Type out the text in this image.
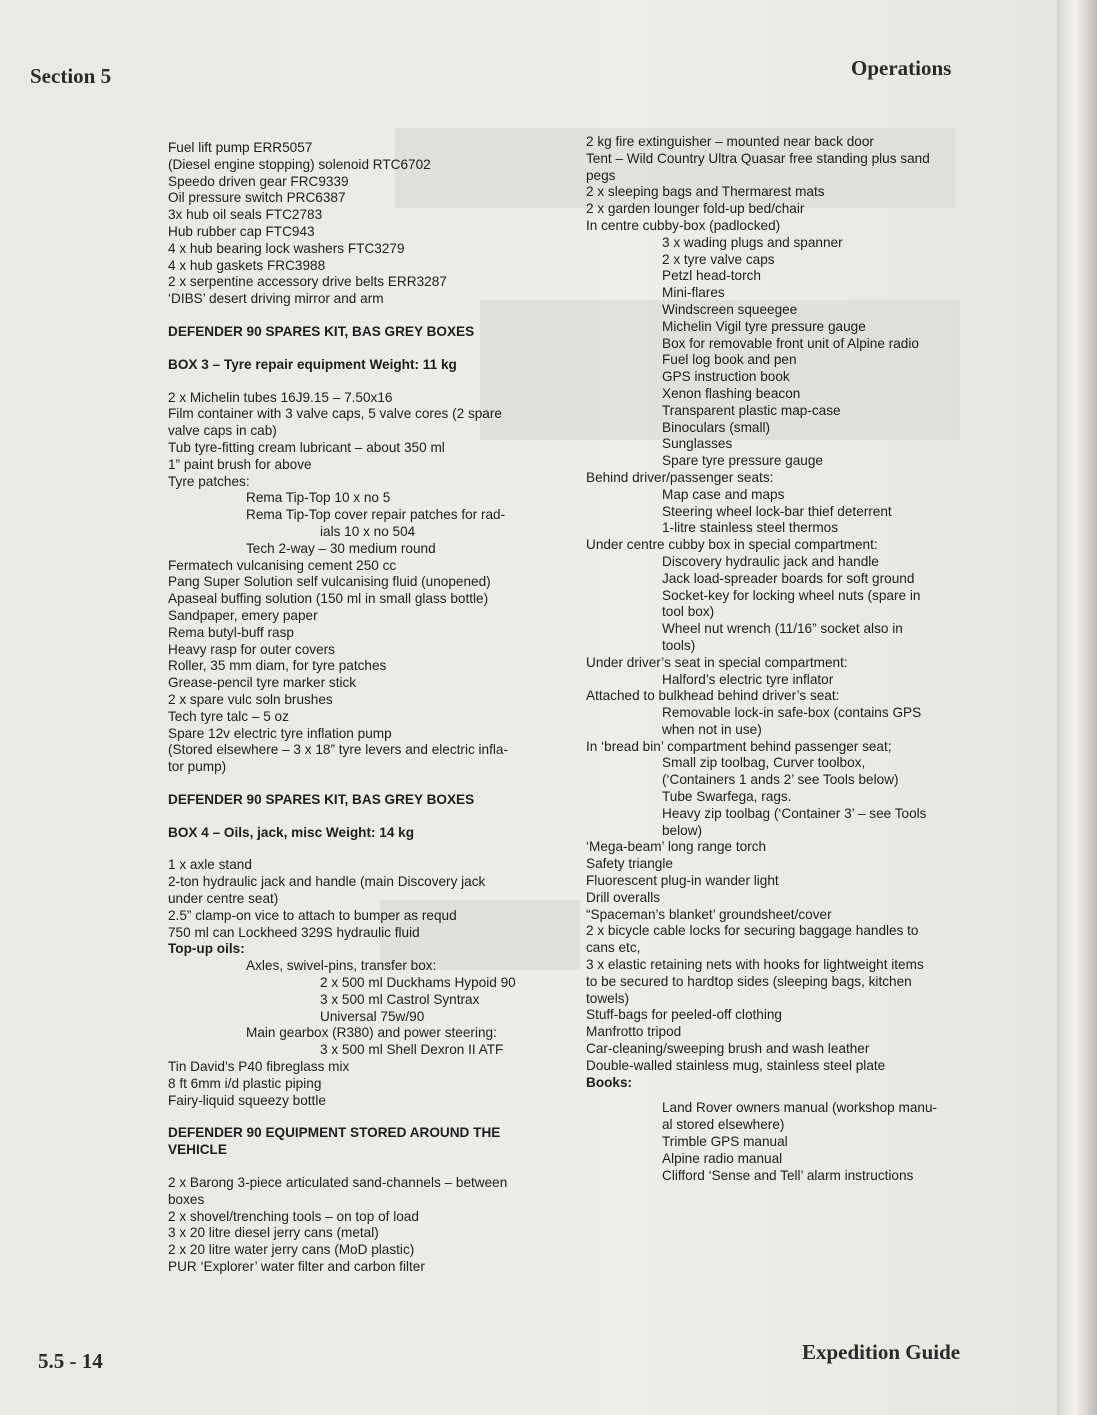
Section 5	Operations
Fuel lift pump ERR5057
(Diesel engine stopping) solenoid RTC6702
Speedo driven gear FRC9339
Oil pressure switch PRC6387
3x hub oil seals FTC2783
Hub rubber cap FTC943
4 x hub bearing lock washers FTC3279
4 x hub gaskets FRC3988
2 x serpentine accessory drive belts ERR3287
‘DIBS’ desert driving mirror and arm
DEFENDER 90 SPARES KIT, BAS GREY BOXES
BOX 3 – Tyre repair equipment Weight: 11 kg
2 x Michelin tubes 16J9.15 – 7.50x16
Film container with 3 valve caps, 5 valve cores (2 spare
valve caps in cab)
Tub tyre-fitting cream lubricant – about 350 ml
1” paint brush for above
Tyre patches:
Rema Tip-Top 10 x no 5
Rema Tip-Top cover repair patches for rad-
ials 10 x no 504
Tech 2-way – 30 medium round
Fermatech vulcanising cement 250 cc
Pang Super Solution self vulcanising fluid (unopened)
Apaseal buffing solution (150 ml in small glass bottle)
Sandpaper, emery paper
Rema butyl-buff rasp
Heavy rasp for outer covers
Roller, 35 mm diam, for tyre patches
Grease-pencil tyre marker stick
2 x spare vulc soln brushes
Tech tyre talc – 5 oz
Spare 12v electric tyre inflation pump
(Stored elsewhere – 3 x 18” tyre levers and electric infla-
tor pump)
DEFENDER 90 SPARES KIT, BAS GREY BOXES
BOX 4 – Oils, jack, misc Weight: 14 kg
1 x axle stand
2-ton hydraulic jack and handle (main Discovery jack
under centre seat)
2.5” clamp-on vice to attach to bumper as requd
750 ml can Lockheed 329S hydraulic fluid
Top-up oils:
Axles, swivel-pins, transfer box:
2 x 500 ml Duckhams Hypoid 90
3 x 500 ml Castrol Syntrax
Universal 75w/90
Main gearbox (R380) and power steering:
3 x 500 ml Shell Dexron II ATF
Tin David’s P40 fibreglass mix
8 ft 6mm i/d plastic piping
Fairy-liquid squeezy bottle
DEFENDER 90 EQUIPMENT STORED AROUND THE
VEHICLE
2 x Barong 3-piece articulated sand-channels – between
boxes
2 x shovel/trenching tools – on top of load
3 x 20 litre diesel jerry cans (metal)
2 x 20 litre water jerry cans (MoD plastic)
PUR ‘Explorer’ water filter and carbon filter
2 kg fire extinguisher – mounted near back door
Tent – Wild Country Ultra Quasar free standing plus sand
pegs
2 x sleeping bags and Thermarest mats
2 x garden lounger fold-up bed/chair
In centre cubby-box (padlocked)
3 x wading plugs and spanner
2 x tyre valve caps
Petzl head-torch
Mini-flares
Windscreen squeegee
Michelin Vigil tyre pressure gauge
Box for removable front unit of Alpine radio
Fuel log book and pen
GPS instruction book
Xenon flashing beacon
Transparent plastic map-case
Binoculars (small)
Sunglasses
Spare tyre pressure gauge
Behind driver/passenger seats:
Map case and maps
Steering wheel lock-bar thief deterrent
1-litre stainless steel thermos
Under centre cubby box in special compartment:
Discovery hydraulic jack and handle
Jack load-spreader boards for soft ground
Socket-key for locking wheel nuts (spare in
tool box)
Wheel nut wrench (11/16” socket also in
tools)
Under driver’s seat in special compartment:
Halford’s electric tyre inflator
Attached to bulkhead behind driver’s seat:
Removable lock-in safe-box (contains GPS
when not in use)
In ‘bread bin’ compartment behind passenger seat;
Small zip toolbag, Curver toolbox,
(‘Containers 1 ands 2’ see Tools below)
Tube Swarfega, rags.
Heavy zip toolbag (‘Container 3’ – see Tools
below)
‘Mega-beam’ long range torch
Safety triangle
Fluorescent plug-in wander light
Drill overalls
“Spaceman’s blanket’ groundsheet/cover
2 x bicycle cable locks for securing baggage handles to
cans etc,
3 x elastic retaining nets with hooks for lightweight items
to be secured to hardtop sides (sleeping bags, kitchen
towels)
Stuff-bags for peeled-off clothing
Manfrotto tripod
Car-cleaning/sweeping brush and wash leather
Double-walled stainless mug, stainless steel plate
Books:
Land Rover owners manual (workshop manu-
al stored elsewhere)
Trimble GPS manual
Alpine radio manual
Clifford ‘Sense and Tell’ alarm instructions
5.5 - 14	Expedition Guide
